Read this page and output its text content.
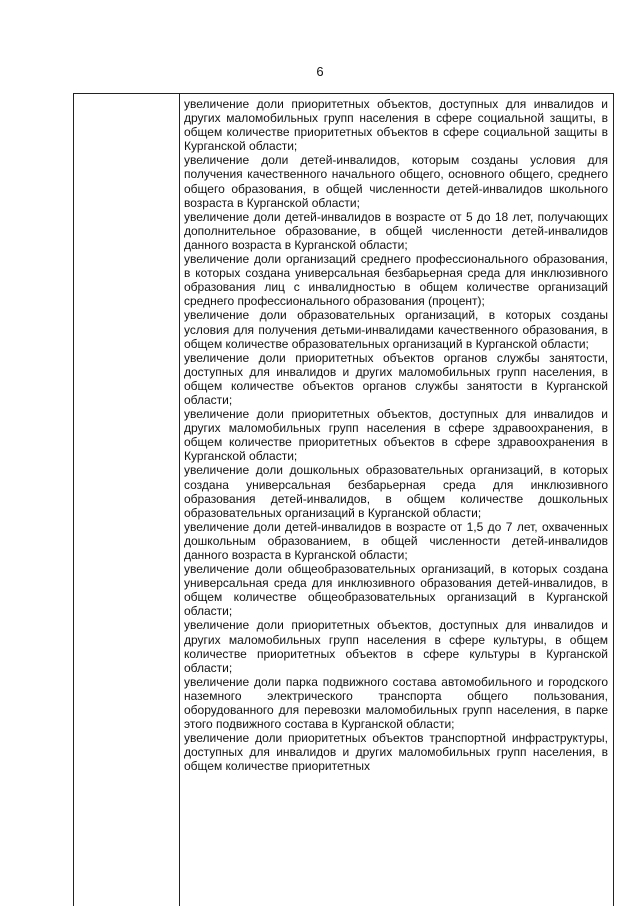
6

увеличение доли приоритетных объектов, доступных для инвалидов и других маломобильных групп населения в сфере социальной защиты, в общем количестве приоритетных объектов в сфере социальной защиты в Курганской области;

увеличение доли детей-инвалидов, которым созданы условия для получения качественного начального общего, основного общего, среднего общего образования, в общей численности детей-инвалидов школьного возраста в Курганской области;

увеличение доли детей-инвалидов в возрасте от 5 до 18 лет, получающих дополнительное образование, в общей численности детей-инвалидов данного возраста в Курганской области;

увеличение доли организаций среднего профессионального образования, в которых создана универсальная безбарьерная среда для инклюзивного образования лиц с инвалидностью в общем количестве организаций среднего профессионального образования (процент);

увеличение доли образовательных организаций, в которых созданы условия для получения детьми-инвалидами качественного образования, в общем количестве образовательных организаций в Курганской области;

увеличение доли приоритетных объектов органов службы занятости, доступных для инвалидов и других маломобильных групп населения, в общем количестве объектов органов службы занятости в Курганской области;

увеличение доли приоритетных объектов, доступных для инвалидов и других маломобильных групп населения в сфере здравоохранения, в общем количестве приоритетных объектов в сфере здравоохранения в Курганской области;

увеличение доли дошкольных образовательных организаций, в которых создана универсальная безбарьерная среда для инклюзивного образования детей-инвалидов, в общем количестве дошкольных образовательных организаций в Курганской области;

увеличение доли детей-инвалидов в возрасте от 1,5 до 7 лет, охваченных дошкольным образованием, в общей численности детей-инвалидов данного возраста в Курганской области;

увеличение доли общеобразовательных организаций, в которых создана универсальная среда для инклюзивного образования детей-инвалидов, в общем количестве общеобразовательных организаций в Курганской области;

увеличение доли приоритетных объектов, доступных для инвалидов и других маломобильных групп населения в сфере культуры, в общем количестве приоритетных объектов в сфере культуры в Курганской области;

увеличение доли парка подвижного состава автомобильного и городского наземного электрического транспорта общего пользования, оборудованного для перевозки маломобильных групп населения, в парке этого подвижного состава в Курганской области;

увеличение доли приоритетных объектов транспортной инфраструктуры, доступных для инвалидов и других маломобильных групп населения, в общем количестве приоритетных
